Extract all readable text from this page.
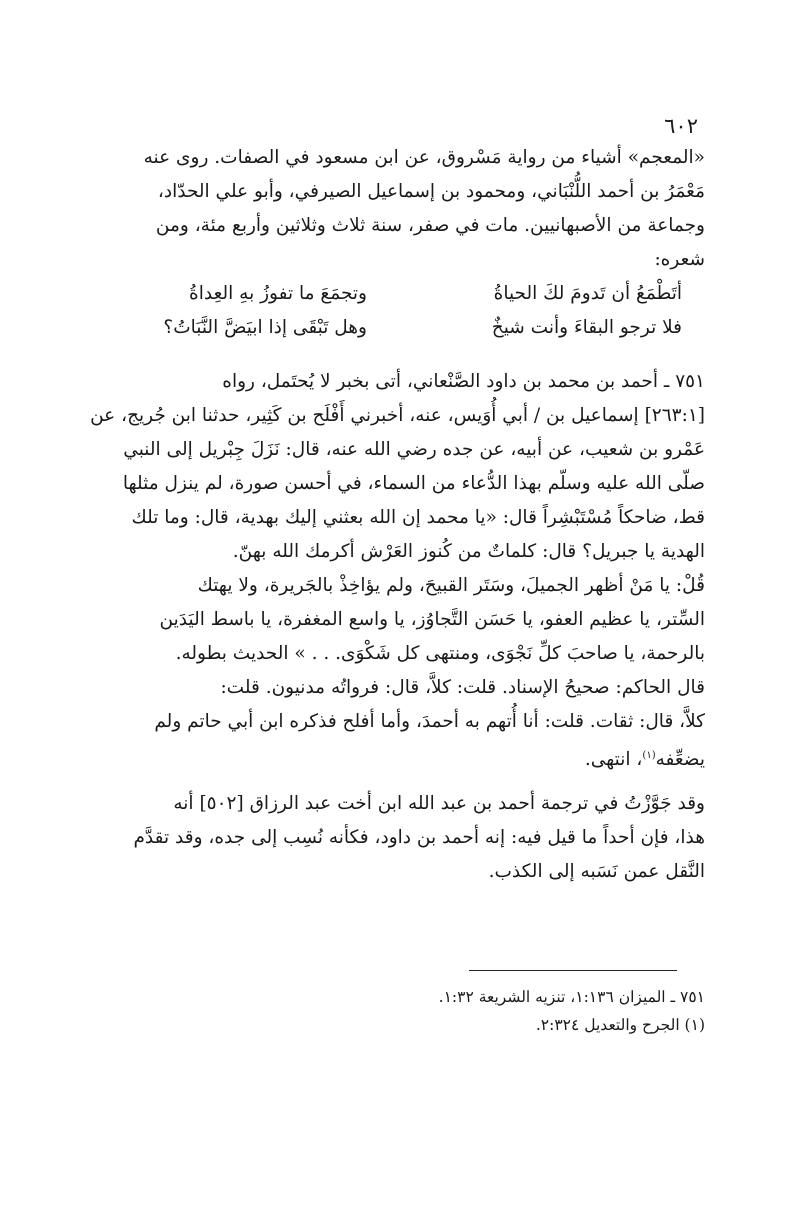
٦٠٢
«المعجم» أشياء من رواية مَسْروق، عن ابن مسعود في الصفات. روى عنه
مَعْمَرُ بن أحمد اللُّنْبَاني، ومحمود بن إسماعيل الصيرفي، وأبو علي الحدّاد،
وجماعة من الأصبهانيين. مات في صفر، سنة ثلاث وثلاثين وأربع مئة، ومن
شعره:
أتَطْمَعُ أن تَدومَ لكَ الحياةُ
وتجمَعَ ما تفوزُ بهِ العِداةُ
فلا ترجو البقاءَ وأنت شيخٌ
وهل تَبْقَى إذا ابيَضَّ النَّبَاتُ؟
٧٥١ ـ أحمد بن محمد بن داود الصَّنْعاني، أتى بخبر لا يُحتَمل، رواه
[٢٦٣:١] إسماعيل بن / أبي أُوَيس، عنه، أخبرني أَفْلَح بن كَثِير، حدثنا ابن جُريج، عن
عَمْرو بن شعيب، عن أبيه، عن جده رضي الله عنه، قال: نَزَلَ جِبْريل إلى النبي
صلّى الله عليه وسلّم بهذا الدُّعاء من السماء، في أحسن صورة، لم ينزل مثلها
قط، ضاحكاً مُسْتَبْشِراً قال: «يا محمد إن الله بعثني إليك بهدية، قال: وما تلك
الهدية يا جبريل؟ قال: كلماتٌ من كُنوز العَرْش أكرمك الله بهنّ.
قُلْ: يا مَنْ أظهر الجميلَ، وسَتَر القبيحَ، ولم يؤاخِذْ بالجَريرة، ولا يهتك
السِّتر، يا عظيم العفو، يا حَسَن التَّجاوُز، يا واسع المغفرة، يا باسط اليَدَين
بالرحمة، يا صاحبَ كلِّ نَجْوَى، ومنتهى كل شَكْوَى. . . » الحديث بطوله.
قال الحاكم: صحيحُ الإسناد. قلت: كلاَّ، قال: فرواتُه مدنيون. قلت:
كلاَّ، قال: ثقات. قلت: أنا أُتهم به أحمدَ، وأما أفلح فذكره ابن أبي حاتم ولم
يضعِّفه$^{(١)}$، انتهى.
وقد جَوَّزْتُ في ترجمة أحمد بن عبد الله ابن أخت عبد الرزاق [٥٠٢] أنه
هذا، فإن أحداً ما قيل فيه: إنه أحمد بن داود، فكأنه نُسِب إلى جده، وقد تقدَّم
النَّقل عمن نَسَبه إلى الكذب.
٧٥١ ـ الميزان ١:١٣٦، تنزيه الشريعة ١:٣٢.
(١) الجرح والتعديل ٢:٣٢٤.
